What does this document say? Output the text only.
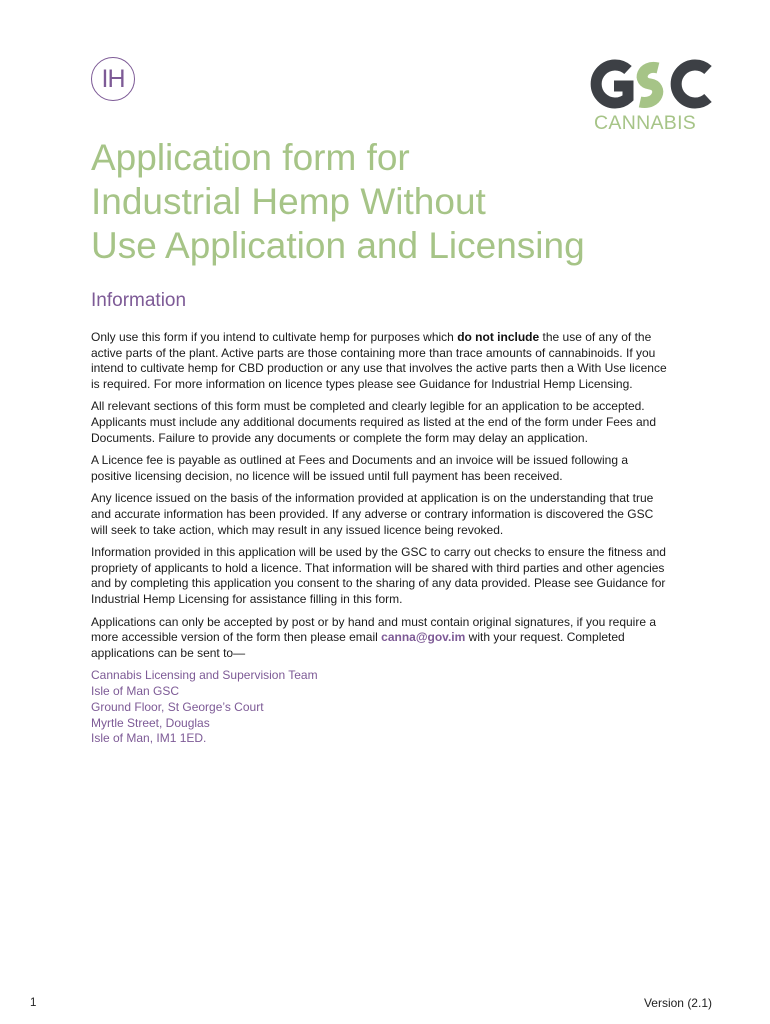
IH
CANNABIS
Application form for
Industrial Hemp Without
Use Application and Licensing
Information

Only use this form if you intend to cultivate hemp for purposes which do not include the use of any of the active parts of the plant. Active parts are those containing more than trace amounts of cannabinoids. If you intend to cultivate hemp for CBD production or any use that involves the active parts then a With Use licence is required. For more information on licence types please see Guidance for Industrial Hemp Licensing.

All relevant sections of this form must be completed and clearly legible for an application to be accepted. Applicants must include any additional documents required as listed at the end of the form under Fees and Documents. Failure to provide any documents or complete the form may delay an application.

A Licence fee is payable as outlined at Fees and Documents and an invoice will be issued following a positive licensing decision, no licence will be issued until full payment has been received.

Any licence issued on the basis of the information provided at application is on the understanding that true and accurate information has been provided. If any adverse or contrary information is discovered the GSC will seek to take action, which may result in any issued licence being revoked.

Information provided in this application will be used by the GSC to carry out checks to ensure the fitness and propriety of applicants to hold a licence. That information will be shared with third parties and other agencies and by completing this application you consent to the sharing of any data provided. Please see Guidance for Industrial Hemp Licensing for assistance filling in this form.

Applications can only be accepted by post or by hand and must contain original signatures, if you require a more accessible version of the form then please email canna@gov.im with your request. Completed applications can be sent to—

Cannabis Licensing and Supervision Team
Isle of Man GSC
Ground Floor, St George’s Court
Myrtle Street, Douglas
Isle of Man, IM1 1ED.
1	Version (2.1)
